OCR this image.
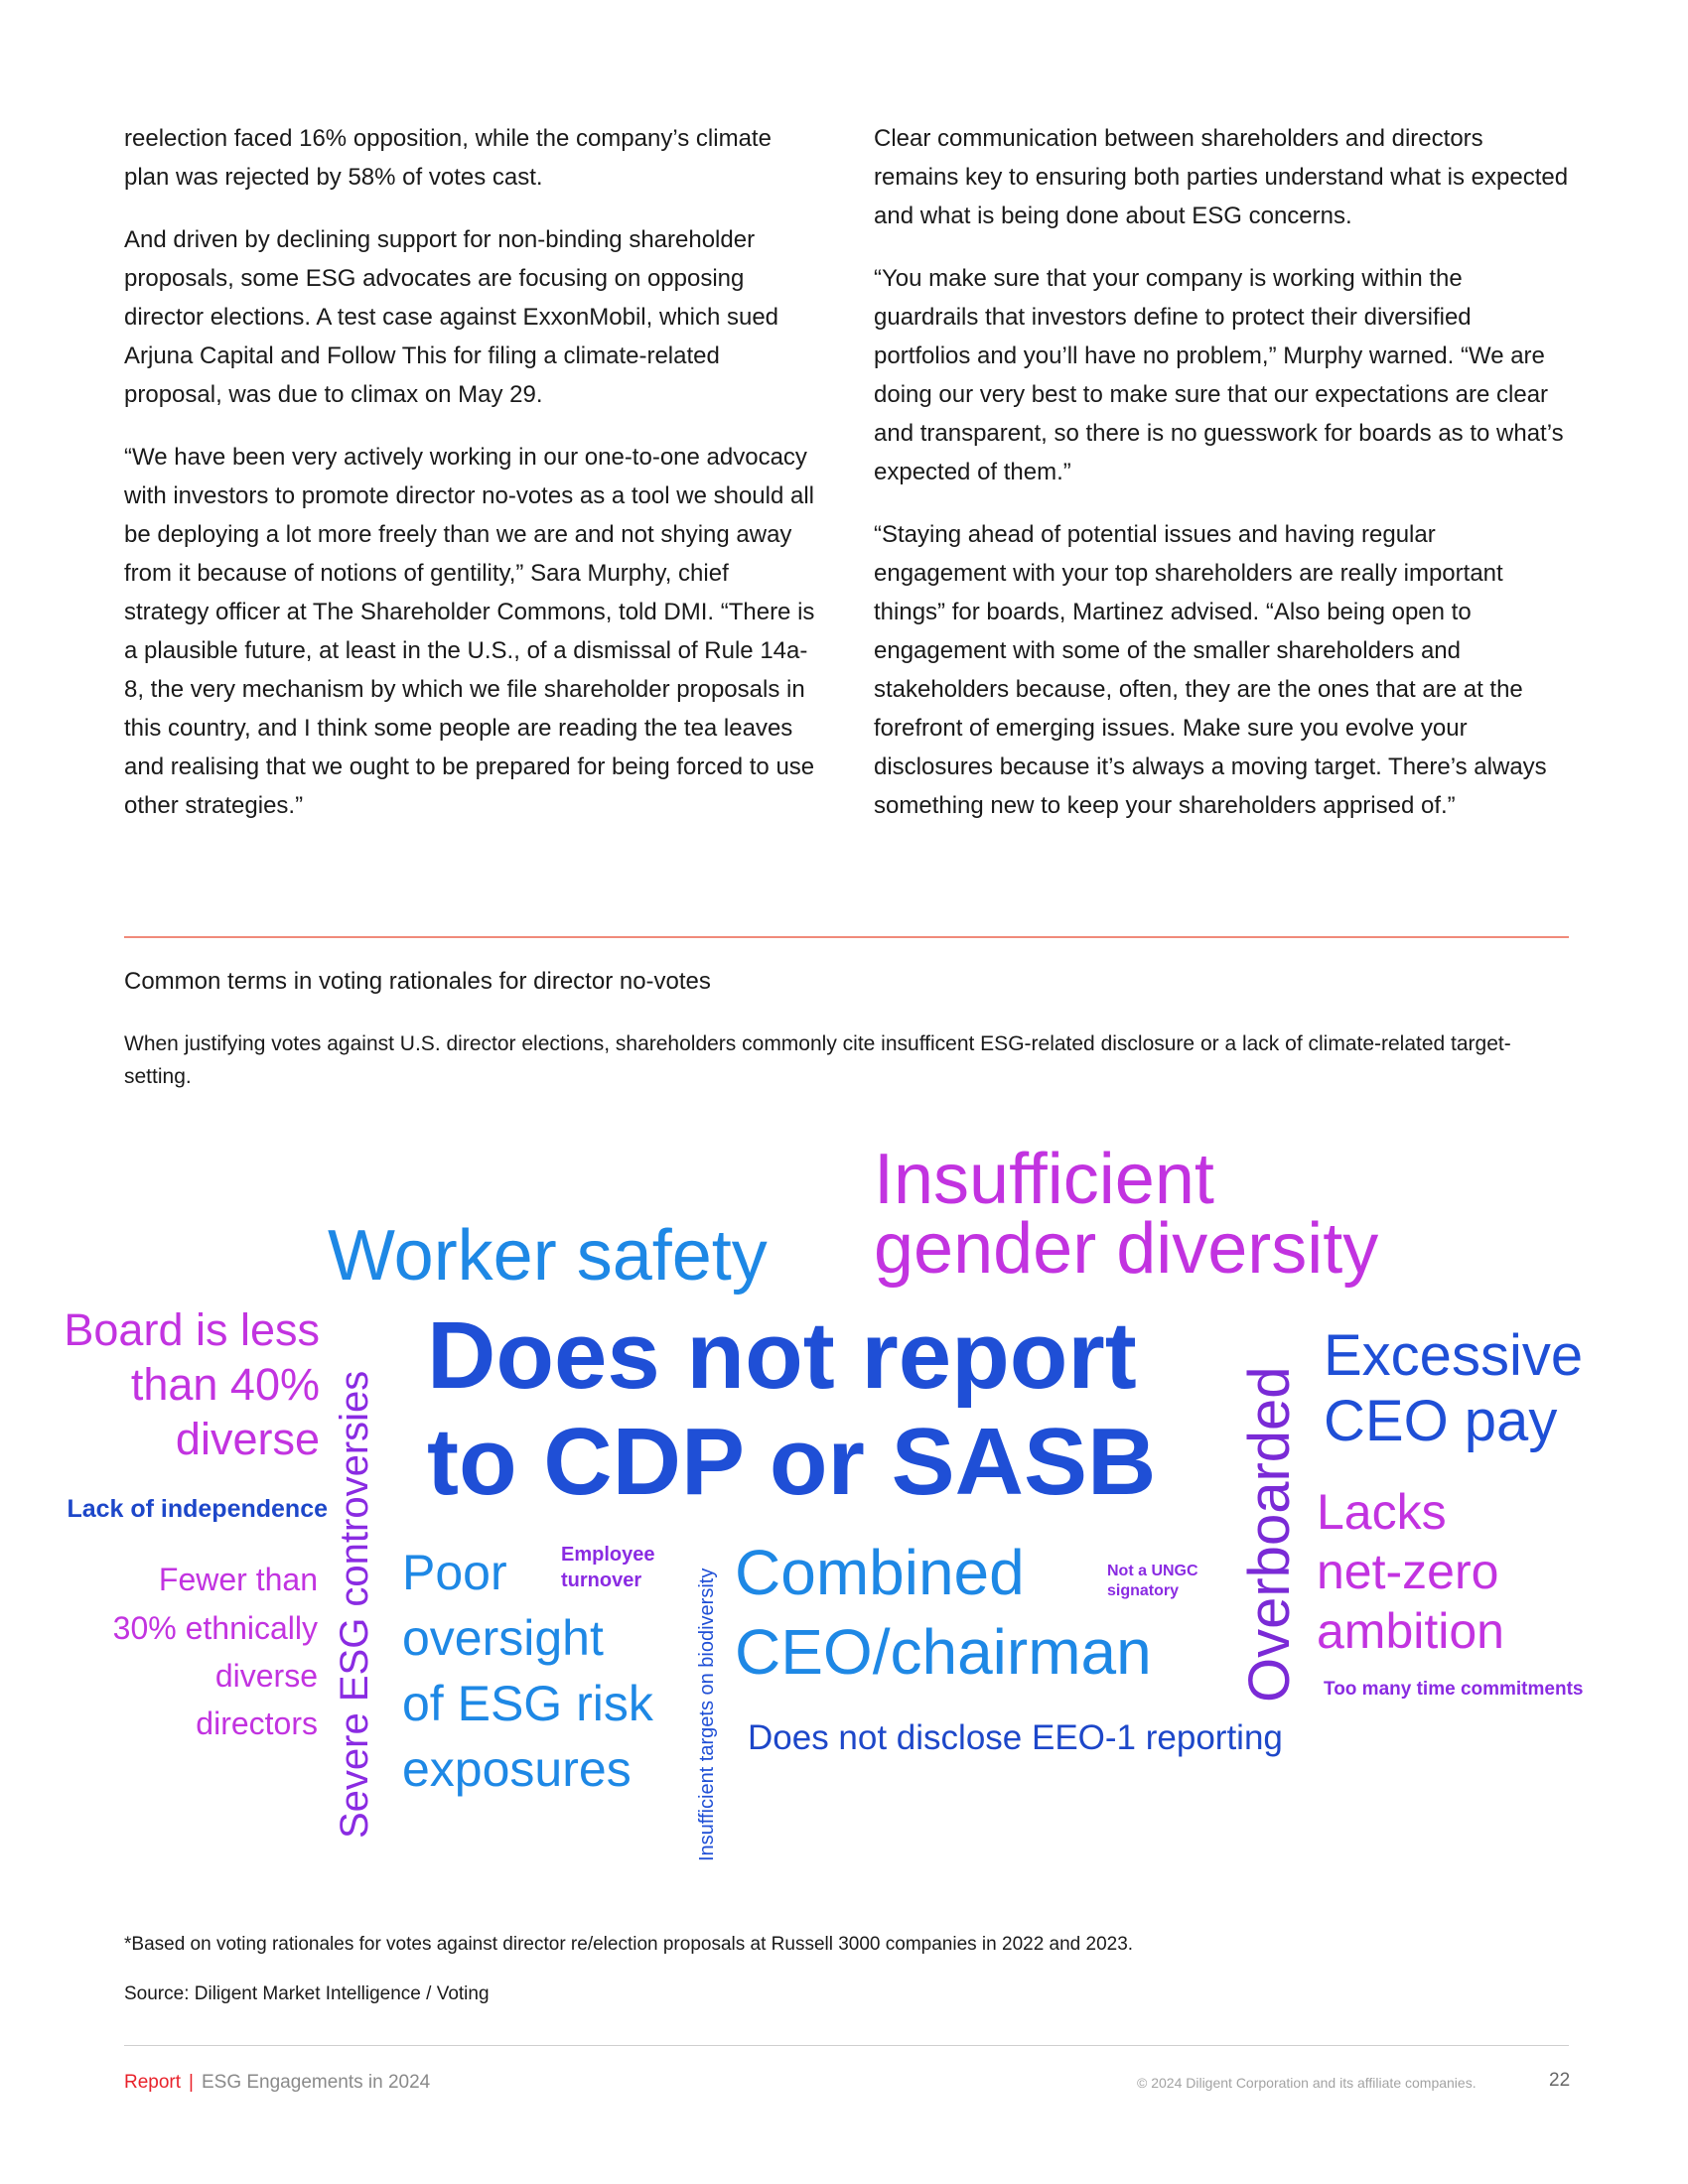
reelection faced 16% opposition, while the company’s climate plan was rejected by 58% of votes cast.

And driven by declining support for non-binding shareholder proposals, some ESG advocates are focusing on opposing director elections. A test case against ExxonMobil, which sued Arjuna Capital and Follow This for filing a climate-related proposal, was due to climax on May 29.

“We have been very actively working in our one-to-one advocacy with investors to promote director no-votes as a tool we should all be deploying a lot more freely than we are and not shying away from it because of notions of gentility,” Sara Murphy, chief strategy officer at The Shareholder Commons, told DMI. “There is a plausible future, at least in the U.S., of a dismissal of Rule 14a-8, the very mechanism by which we file shareholder proposals in this country, and I think some people are reading the tea leaves and realising that we ought to be prepared for being forced to use other strategies.”

Clear communication between shareholders and directors remains key to ensuring both parties understand what is expected and what is being done about ESG concerns.

“You make sure that your company is working within the guardrails that investors define to protect their diversified portfolios and you’ll have no problem,” Murphy warned. “We are doing our very best to make sure that our expectations are clear and transparent, so there is no guesswork for boards as to what’s expected of them.”

“Staying ahead of potential issues and having regular engagement with your top shareholders are really important things” for boards, Martinez advised. “Also being open to engagement with some of the smaller shareholders and stakeholders because, often, they are the ones that are at the forefront of emerging issues. Make sure you evolve your disclosures because it’s always a moving target. There’s always something new to keep your shareholders apprised of.”

Common terms in voting rationales for director no-votes
When justifying votes against U.S. director elections, shareholders commonly cite insufficent ESG-related disclosure or a lack of climate-related target-setting.
Insufficient
gender diversity
Worker safety
Board is less
than 40%
diverse
Lack of independence
Fewer than
30% ethnically
diverse
directors Severe ESG controversies
Does not report
to CDP or SASB Overboarded
Excessive
CEO pay
Poor
oversight
of ESG risk
exposures
Employee
turnover	Insufficient targets on biodiversity Combined
CEO/chairman
Not a UNGC
signatory
Lacks
net-zero
ambition
Too many time commitments
Does not disclose EEO-1 reporting
*Based on voting rationales for votes against director re/election proposals at Russell 3000 companies in 2022 and 2023.
Source: Diligent Market Intelligence / Voting
Report | ESG Engagements in 2024	© 2024 Diligent Corporation and its affiliate companies.	22
